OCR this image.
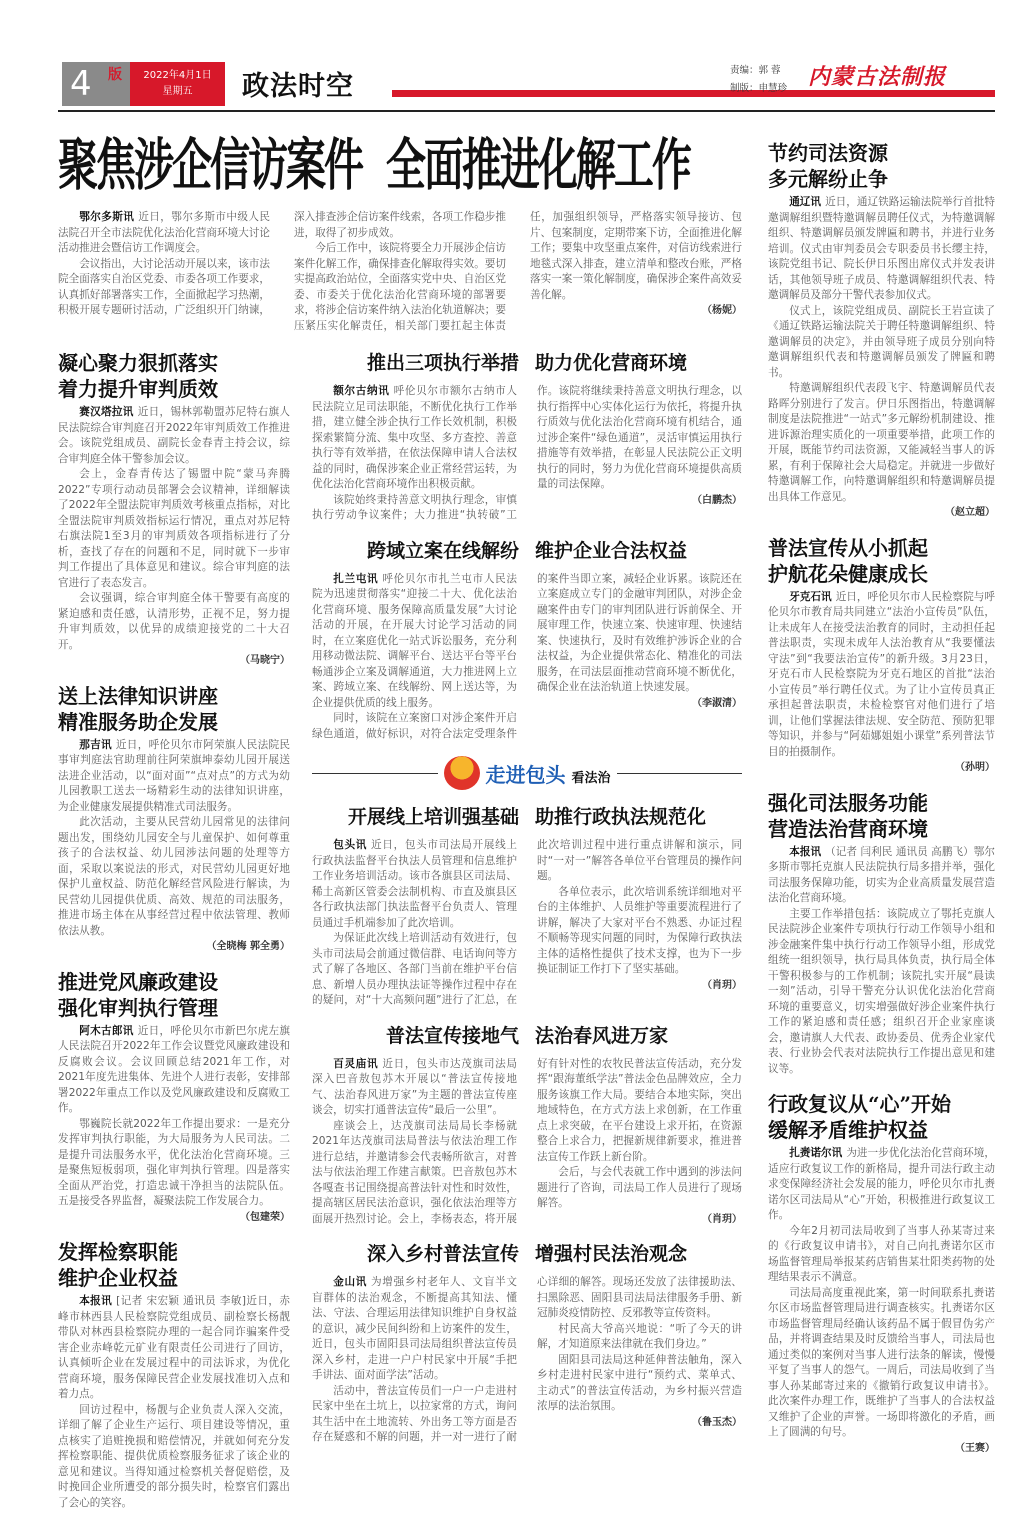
4	版	2022年4月1日
星期五	政法时空
责编：郭 蓉
制版：申慧珍 内蒙古法制报
聚焦涉企信访案件  全面推进化解工作

鄂尔多斯讯 近日，鄂尔多斯市中级人民法院召开全市法院优化法治化营商环境大讨论活动推进会暨信访工作调度会。

会议指出，大讨论活动开展以来，该市法院全面落实自治区党委、市委各项工作要求，认真抓好部署落实工作，全面掀起学习热潮，积极开展专题研讨活动，广泛组织开门纳谏，深入排查涉企信访案件线索，各项工作稳步推进，取得了初步成效。

今后工作中，该院将要全力开展涉企信访案件化解工作，确保排查化解取得实效。要切实提高政治站位，全面落实党中央、自治区党委、市委关于优化法治化营商环境的部署要求，将涉企信访案件纳入法治化轨道解决；要压紧压实化解责任，相关部门要扛起主体责任，加强组织领导，严格落实领导接访、包片、包案制度，定期带案下访，全面推进化解工作；要集中攻坚重点案件，对信访线索进行地毯式深入排查，建立清单和整改台账，严格落实一案一策化解制度，确保涉企案件高效妥善化解。

（杨妮）

凝心聚力狠抓落实
着力提升审判质效

赛汉塔拉讯 近日，锡林郭勒盟苏尼特右旗人民法院综合审判庭召开2022年审判质效工作推进会。该院党组成员、副院长金春青主持会议，综合审判庭全体干警参加会议。

会上，金春青传达了锡盟中院“蒙马奔腾2022”专项行动动员部署会会议精神，详细解读了2022年全盟法院审判质效考核重点指标，对比全盟法院审判质效指标运行情况，重点对苏尼特右旗法院1至3月的审判质效各项指标进行了分析，查找了存在的问题和不足，同时就下一步审判工作提出了具体意见和建议。综合审判庭的法官进行了表态发言。

会议强调，综合审判庭全体干警要有高度的紧迫感和责任感，认清形势，正视不足，努力提升审判质效，以优异的成绩迎接党的二十大召开。

（马晓宁）

送上法律知识讲座
精准服务助企发展

那吉讯 近日，呼伦贝尔市阿荣旗人民法院民事审判庭法官助理前往阿荣旗坤泰幼儿园开展送法进企业活动，以“面对面”“点对点”的方式为幼儿园教职工送去一场精彩生动的法律知识讲座，为企业健康发展提供精准式司法服务。

此次活动，主要从民营幼儿园常见的法律问题出发，围绕幼儿园安全与儿童保护、如何尊重孩子的合法权益、幼儿园涉法问题的处理等方面，采取以案说法的形式，对民营幼儿园更好地保护儿童权益、防范化解经营风险进行解读，为民营幼儿园提供优质、高效、规范的司法服务，推进市场主体在从事经营过程中依法管理、教师依法从教。

（全晓梅 郭全勇）

推进党风廉政建设
强化审判执行管理

阿木古郎讯 近日，呼伦贝尔市新巴尔虎左旗人民法院召开2022年工作会议暨党风廉政建设和反腐败会议。会议回顾总结2021年工作，对2021年度先进集体、先进个人进行表彰，安排部署2022年重点工作以及党风廉政建设和反腐败工作。

鄂巍院长就2022年工作提出要求：一是充分发挥审判执行职能，为大局服务为人民司法。二是提升司法服务水平，优化法治化营商环境。三是聚焦短板弱项，强化审判执行管理。四是落实全面从严治党，打造忠诚干净担当的法院队伍。五是接受各界监督，凝聚法院工作发展合力。

（包建荣）

发挥检察职能
维护企业权益

本报讯 [记者 宋宏颖 通讯员 李敏]近日，赤峰市林西县人民检察院党组成员、副检察长杨靓带队对林西县检察院办理的一起合同诈骗案件受害企业赤峰乾元矿业有限责任公司进行了回访，认真倾听企业在发展过程中的司法诉求，为优化营商环境，服务保障民营企业发展找准切入点和着力点。

回访过程中，杨靓与企业负责人深入交流，详细了解了企业生产运行、项目建设等情况，重点核实了追赃挽损和赔偿情况，并就如何充分发挥检察职能、提供优质检察服务征求了该企业的意见和建议。当得知通过检察机关督促赔偿，及时挽回企业所遭受的部分损失时，检察官们露出了会心的笑容。

推出三项执行举措 助力优化营商环境

额尔古纳讯 呼伦贝尔市额尔古纳市人民法院立足司法职能，不断优化执行工作举措，建立健全涉企执行工作长效机制，积极探索繁简分流、集中攻坚、多方查控、善意执行等有效举措，在依法保障申请人合法权益的同时，确保涉案企业正常经营运转，为优化法治化营商环境作出积极贡献。

该院始终秉持善意文明执行理念，审慎执行劳动争议案件；大力推进“执转破”工作。该院将继续秉持善意文明执行理念，以执行指挥中心实体化运行为依托，将提升执行质效与优化法治化营商环境有机结合，通过涉企案件“绿色通道”，灵活审慎运用执行措施等有效举措，在彰显人民法院公正文明执行的同时，努力为优化营商环境提供高质量的司法保障。

（白鹏杰）

跨域立案在线解纷 维护企业合法权益

扎兰屯讯 呼伦贝尔市扎兰屯市人民法院为迅速贯彻落实“迎接二十大、优化法治化营商环境、服务保障高质量发展”大讨论活动的开展，在开展大讨论学习活动的同时，在立案庭优化一站式诉讼服务，充分利用移动微法院、调解平台、送达平台等平台畅通涉企立案及调解通道，大力推进网上立案、跨域立案、在线解纷、网上送达等，为企业提供优质的线上服务。

同时，该院在立案窗口对涉企案件开启绿色通道，做好标识，对符合法定受理条件的案件当即立案，减轻企业诉累。该院还在立案庭成立专门的金融审判团队，对涉企金融案件由专门的审判团队进行诉前保全、开展审理工作，快速立案、快速审理、快速结案、快速执行，及时有效维护涉诉企业的合法权益，为企业提供常态化、精准化的司法服务，在司法层面推动营商环境不断优化，确保企业在法治轨道上快速发展。

（李淑清）

走进包头 看法治
开展线上培训强基础 助推行政执法规范化

包头讯 近日，包头市司法局开展线上行政执法监督平台执法人员管理和信息维护工作业务培训活动。该市各旗县区司法局、稀土高新区管委会法制机构、市直及旗县区各行政执法部门执法监督平台负责人、管理员通过手机端参加了此次培训。

为保证此次线上培训活动有效进行，包头市司法局会前通过微信群、电话询问等方式了解了各地区、各部门当前在维护平台信息、新增人员办理执法证等操作过程中存在的疑问，对“十大高频问题”进行了汇总，在此次培训过程中进行重点讲解和演示，同时“一对一”解答各单位平台管理员的操作问题。

各单位表示，此次培训系统详细地对平台的主体维护、人员维护等重要流程进行了讲解，解决了大家对平台不熟悉、办证过程不顺畅等现实问题的同时，为保障行政执法主体的适格性提供了技术支撑，也为下一步换证制证工作打下了坚实基础。

（肖玥）

普法宣传接地气 法治春风进万家

百灵庙讯 近日，包头市达茂旗司法局深入巴音敖包苏木开展以“普法宣传接地气、法治春风进万家”为主题的普法宣传座谈会，切实打通普法宣传“最后一公里”。

座谈会上，达茂旗司法局局长李杨就2021年达茂旗司法局普法与依法治理工作进行总结，并邀请参会代表畅所欲言，对普法与依法治理工作建言献策。巴音敖包苏木各嘎查书记围绕提高普法针对性和时效性，提高辖区居民法治意识，强化依法治理等方面展开热烈讨论。会上，李杨表态，将开展好有针对性的农牧民普法宣传活动，充分发挥“跟海董纸学法”普法金色品牌效应，全力服务该旗工作大局。要结合本地实际，突出地域特色，在方式方法上求创新，在工作重点上求突破，在平台建设上求开拓，在资源整合上求合力，把握新规律新要求，推进普法宣传工作跃上新台阶。

会后，与会代表就工作中遇到的涉法问题进行了咨询，司法局工作人员进行了现场解答。

（肖玥）

深入乡村普法宣传 增强村民法治观念

金山讯 为增强乡村老年人、文盲半文盲群体的法治观念，不断提高其知法、懂法、守法、合理运用法律知识维护自身权益的意识，减少民间纠纷和上访案件的发生，近日，包头市固阳县司法局组织普法宣传员深入乡村，走进一户户村民家中开展“手把手讲法、面对面学法”活动。

活动中，普法宣传员们一户一户走进村民家中坐在土坑上，以拉家常的方式，询问其生活中在土地流转、外出务工等方面是否存在疑惑和不解的问题，并一对一进行了耐心详细的解答。现场还发放了法律援助法、扫黑除恶、固阳县司法局法律服务手册、新冠肺炎疫情防控、反邪教等宣传资料。

村民高大爷高兴地说：“听了今天的讲解，才知道原来法律就在我们身边。”

固阳县司法局这种延伸普法触角，深入乡村走进村民家中进行“预约式、菜单式、主动式”的普法宣传活动，为乡村振兴营造浓厚的法治氛围。

（鲁玉杰）

节约司法资源
多元解纷止争

通辽讯 近日，通辽铁路运输法院举行首批特邀调解组织暨特邀调解员聘任仪式，为特邀调解组织、特邀调解员颁发牌匾和聘书，并进行业务培训。仪式由审判委员会专职委员书长缨主持，该院党组书记、院长伊日乐图出席仪式并发表讲话，其他领导班子成员、特邀调解组织代表、特邀调解员及部分干警代表参加仪式。

仪式上，该院党组成员、副院长王岩宣读了《通辽铁路运输法院关于聘任特邀调解组织、特邀调解员的决定》，并由领导班子成员分别向特邀调解组织代表和特邀调解员颁发了牌匾和聘书。

特邀调解组织代表段飞宇、特邀调解员代表路晖分别进行了发言。伊日乐图指出，特邀调解制度是法院推进“一站式”多元解纷机制建设、推进诉源治理实质化的一项重要举措，此项工作的开展，既能节约司法资源，又能减轻当事人的诉累，有利于保障社会大局稳定。并就进一步做好特邀调解工作，向特邀调解组织和特邀调解员提出具体工作意见。

（赵立超）

普法宣传从小抓起
护航花朵健康成长

牙克石讯 近日，呼伦贝尔市人民检察院与呼伦贝尔市教育局共同建立“法治小宣传员”队伍，让未成年人在接受法治教育的同时，主动担任起普法职责，实现未成年人法治教育从“我要懂法守法”到“我要法治宣传”的新升级。3月23日，牙克石市人民检察院为牙克石地区的首批“法治小宣传员”举行聘任仪式。为了让小宣传员真正承担起普法职责，未检检察官对他们进行了培训，让他们掌握法律法规、安全防范、预防犯罪等知识，并参与“阿茹娜姐姐小课堂”系列普法节目的拍摄制作。

（孙明）

强化司法服务功能
营造法治营商环境

本报讯 （记者 闫利民 通讯员 高鹏飞）鄂尔多斯市鄂托克旗人民法院执行局多措并举，强化司法服务保障功能，切实为企业高质量发展营造法治化营商环境。

主要工作举措包括：该院成立了鄂托克旗人民法院涉企业案件专项执行行动工作领导小组和涉金融案件集中执行行动工作领导小组，形成党组统一组织领导，执行局具体负责，执行局全体干警积极参与的工作机制；该院扎实开展“晨读一刻”活动，引导干警充分认识优化法治化营商环境的重要意义，切实增强做好涉企业案件执行工作的紧迫感和责任感；组织召开企业家座谈会，邀请旗人大代表、政协委员、优秀企业家代表、行业协会代表对法院执行工作提出意见和建议等。

行政复议从“心”开始
缓解矛盾维护权益

扎赉诺尔讯 为进一步优化法治化营商环境，适应行政复议工作的新格局，提升司法行政主动求变保障经济社会发展的能力，呼伦贝尔市扎赉诺尔区司法局从“心”开始，积极推进行政复议工作。

今年2月初司法局收到了当事人孙某寄过来的《行政复议申请书》，对自己向扎赉诺尔区市场监督管理局举报某药店销售某壮阳类药物的处理结果表示不满意。

司法局高度重视此案，第一时间联系扎赉诺尔区市场监督管理局进行调查核实。扎赉诺尔区市场监督管理局经确认该药品不属于假冒伪劣产品，并将调查结果及时反馈给当事人，司法局也通过类似的案例对当事人进行法条的解读，慢慢平复了当事人的怨气。一周后，司法局收到了当事人孙某邮寄过来的《撤销行政复议申请书》。此次案件办理工作，既维护了当事人的合法权益又维护了企业的声誉。一场即将激化的矛盾，画上了圆满的句号。

（王赛）
